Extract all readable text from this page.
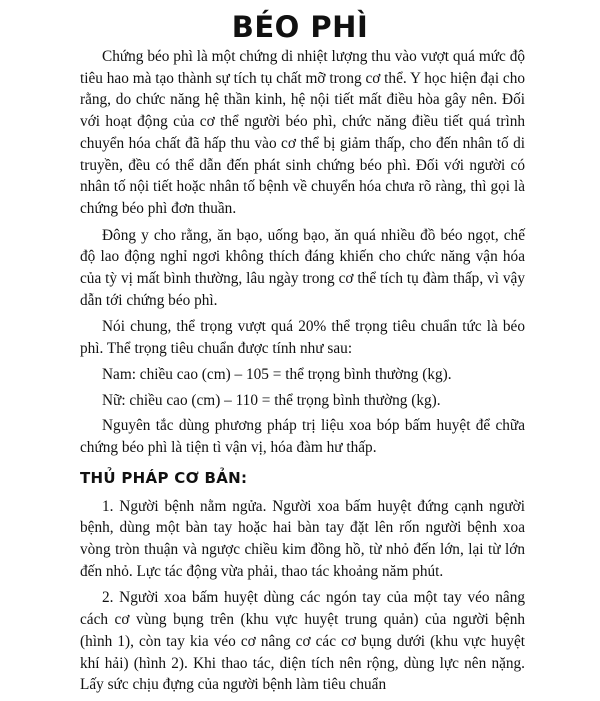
BÉO PHÌ

Chứng béo phì là một chứng di nhiệt lượng thu vào vượt quá mức độ tiêu hao mà tạo thành sự tích tụ chất mỡ trong cơ thể. Y học hiện đại cho rằng, do chức năng hệ thần kinh, hệ nội tiết mất điều hòa gây nên. Đối với hoạt động của cơ thể người béo phì, chức năng điều tiết quá trình chuyển hóa chất đã hấp thu vào cơ thể bị giảm thấp, cho đến nhân tố di truyền, đều có thể dẫn đến phát sinh chứng béo phì. Đối với người có nhân tố nội tiết hoặc nhân tố bệnh về chuyển hóa chưa rõ ràng, thì gọi là chứng béo phì đơn thuần.

Đông y cho rằng, ăn bạo, uống bạo, ăn quá nhiều đồ béo ngọt, chế độ lao động nghỉ ngơi không thích đáng khiến cho chức năng vận hóa của tỳ vị mất bình thường, lâu ngày trong cơ thể tích tụ đàm thấp, vì vậy dẫn tới chứng béo phì.

Nói chung, thể trọng vượt quá 20% thể trọng tiêu chuẩn tức là béo phì. Thể trọng tiêu chuẩn được tính như sau:

Nam: chiều cao (cm) – 105 = thể trọng bình thường (kg).

Nữ: chiều cao (cm) – 110 = thể trọng bình thường (kg).

Nguyên tắc dùng phương pháp trị liệu xoa bóp bấm huyệt để chữa chứng béo phì là tiện tì vận vị, hóa đàm hư thấp.

THỦ PHÁP CƠ BẢN:

1. Người bệnh nằm ngửa. Người xoa bấm huyệt đứng cạnh người bệnh, dùng một bàn tay hoặc hai bàn tay đặt lên rốn người bệnh xoa vòng tròn thuận và ngược chiều kim đồng hồ, từ nhỏ đến lớn, lại từ lớn đến nhỏ. Lực tác động vừa phải, thao tác khoảng năm phút.

2. Người xoa bấm huyệt dùng các ngón tay của một tay véo nâng cách cơ vùng bụng trên (khu vực huyệt trung quản) của người bệnh (hình 1), còn tay kia véo cơ nâng cơ các cơ bụng dưới (khu vực huyệt khí hải) (hình 2). Khi thao tác, diện tích nên rộng, dùng lực nên nặng. Lấy sức chịu đựng của người bệnh làm tiêu chuẩn
